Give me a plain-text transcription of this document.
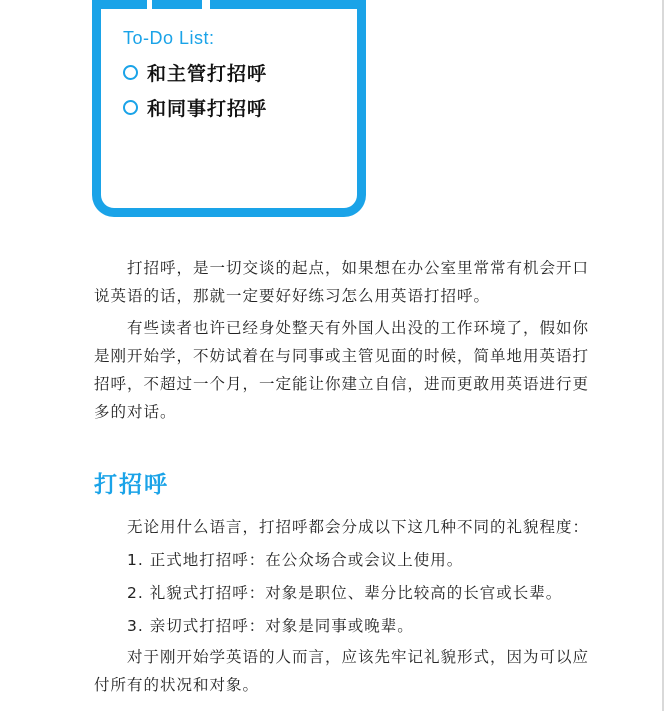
To-Do List:
和主管打招呼
和同事打招呼

打招呼，是一切交谈的起点，如果想在办公室里常常有机会开口说英语的话，那就一定要好好练习怎么用英语打招呼。

有些读者也许已经身处整天有外国人出没的工作环境了，假如你是刚开始学，不妨试着在与同事或主管见面的时候，简单地用英语打招呼，不超过一个月，一定能让你建立自信，进而更敢用英语进行更多的对话。

打招呼
无论用什么语言，打招呼都会分成以下这几种不同的礼貌程度：
1. 正式地打招呼：在公众场合或会议上使用。
2. 礼貌式打招呼：对象是职位、辈分比较高的长官或长辈。
3. 亲切式打招呼：对象是同事或晚辈。

对于刚开始学英语的人而言，应该先牢记礼貌形式，因为可以应付所有的状况和对象。
